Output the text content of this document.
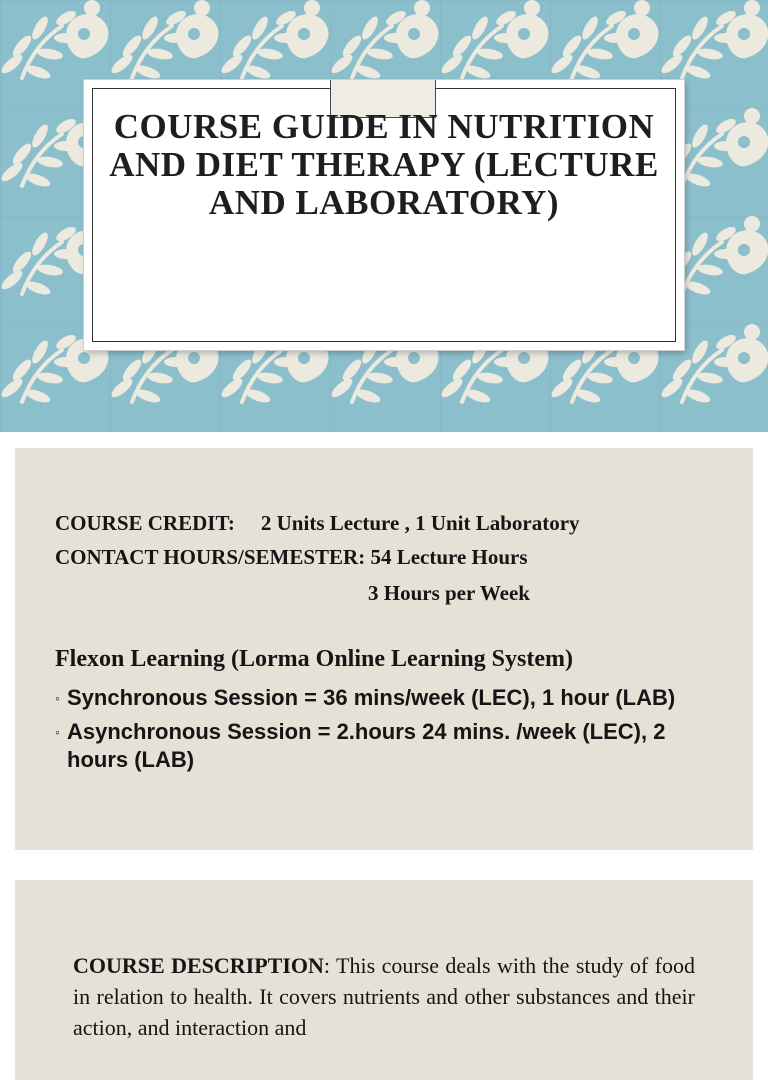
COURSE GUIDE IN NUTRITION AND DIET THERAPY (LECTURE AND LABORATORY)
COURSE CREDIT: 2 Units Lecture , 1 Unit Laboratory
CONTACT HOURS/SEMESTER: 54 Lecture Hours
3 Hours per Week
Flexon Learning (Lorma Online Learning System)
◦ Synchronous Session = 36 mins/week (LEC), 1 hour (LAB)
◦ Asynchronous Session = 2.hours 24 mins. /week (LEC), 2 hours (LAB)
COURSE DESCRIPTION: This course deals with the study of food in relation to health. It covers nutrients and other substances and their action, and interaction and
